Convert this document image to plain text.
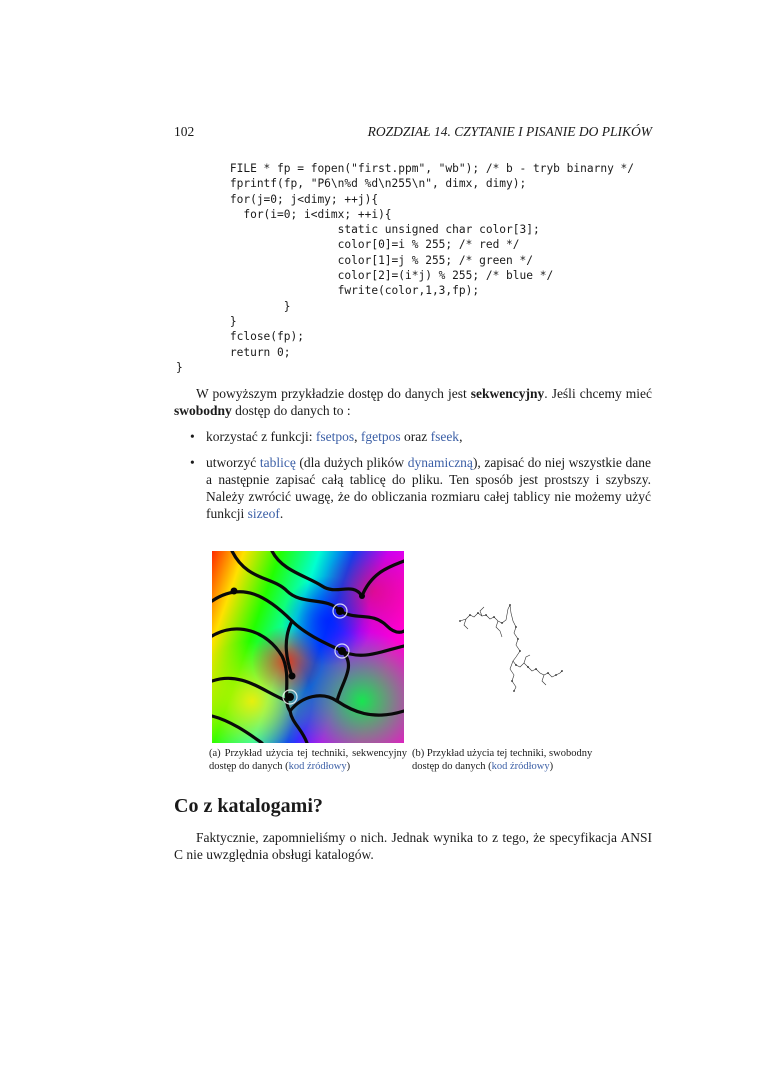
102	ROZDZIAŁ 14. CZYTANIE I PISANIE DO PLIKÓW
FILE * fp = fopen("first.ppm", "wb"); /* b - tryb binarny */
fprintf(fp, "P6\n%d %d\n255\n", dimx, dimy);
for(j=0; j<dimy; ++j){
for(i=0; i<dimx; ++i){
static unsigned char color[3];
color[0]=i % 255; /* red */
color[1]=j % 255; /* green */
color[2]=(i*j) % 255; /* blue */
fwrite(color,1,3,fp);
}
}
fclose(fp);
return 0;
}
W powyższym przykładzie dostęp do danych jest sekwencyjny. Jeśli chcemy mieć swobodny dostęp do danych to :
• korzystać z funkcji: fsetpos, fgetpos oraz fseek,
• utworzyć tablicę (dla dużych plików dynamiczną), zapisać do niej wszystkie dane a następnie zapisać całą tablicę do pliku. Ten sposób jest prostszy i szybszy. Należy zwrócić uwagę, że do obliczania rozmiaru całej tablicy nie możemy użyć funkcji sizeof.
(a) Przykład użycia tej techniki, sekwencyjny dostęp do danych (kod źródłowy)
(b) Przykład użycia tej techniki, swobodny dostęp do danych (kod źródłowy)
Co z katalogami?
Faktycznie, zapomnieliśmy o nich. Jednak wynika to z tego, że specyfikacja ANSI C nie uwzględnia obsługi katalogów.
